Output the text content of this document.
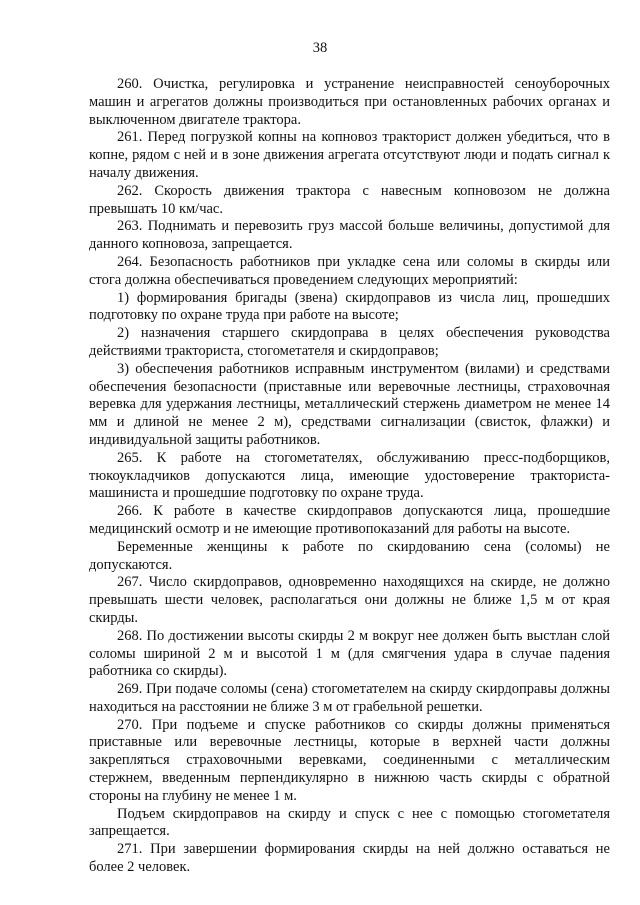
38

260. Очистка, регулировка и устранение неисправностей сеноуборочных машин и агрегатов должны производиться при остановленных рабочих органах и выключенном двигателе трактора.

261. Перед погрузкой копны на копновоз тракторист должен убедиться, что в копне, рядом с ней и в зоне движения агрегата отсутствуют люди и подать сигнал к началу движения.

262. Скорость движения трактора с навесным копновозом не должна превышать 10 км/час.

263. Поднимать и перевозить груз массой больше величины, допустимой для данного копновоза, запрещается.

264. Безопасность работников при укладке сена или соломы в скирды или стога должна обеспечиваться проведением следующих мероприятий:

1) формирования бригады (звена) скирдоправов из числа лиц, прошедших подготовку по охране труда при работе на высоте;

2) назначения старшего скирдоправа в целях обеспечения руководства действиями тракториста, стогометателя и скирдоправов;

3) обеспечения работников исправным инструментом (вилами) и средствами обеспечения безопасности (приставные или веревочные лестницы, страховочная веревка для удержания лестницы, металлический стержень диаметром не менее 14 мм и длиной не менее 2 м), средствами сигнализации (свисток, флажки) и индивидуальной защиты работников.

265. К работе на стогометателях, обслуживанию пресс-подборщиков, тюкоукладчиков допускаются лица, имеющие удостоверение тракториста-машиниста и прошедшие подготовку по охране труда.

266. К работе в качестве скирдоправов допускаются лица, прошедшие медицинский осмотр и не имеющие противопоказаний для работы на высоте.

Беременные женщины к работе по скирдованию сена (соломы) не допускаются.

267. Число скирдоправов, одновременно находящихся на скирде, не должно превышать шести человек, располагаться они должны не ближе 1,5 м от края скирды.

268. По достижении высоты скирды 2 м вокруг нее должен быть выстлан слой соломы шириной 2 м и высотой 1 м (для смягчения удара в случае падения работника со скирды).

269. При подаче соломы (сена) стогометателем на скирду скирдоправы должны находиться на расстоянии не ближе 3 м от грабельной решетки.

270. При подъеме и спуске работников со скирды должны применяться приставные или веревочные лестницы, которые в верхней части должны закрепляться страховочными веревками, соединенными с металлическим стержнем, введенным перпендикулярно в нижнюю часть скирды с обратной стороны на глубину не менее 1 м.

Подъем скирдоправов на скирду и спуск с нее с помощью стогометателя запрещается.

271. При завершении формирования скирды на ней должно оставаться не более 2 человек.
